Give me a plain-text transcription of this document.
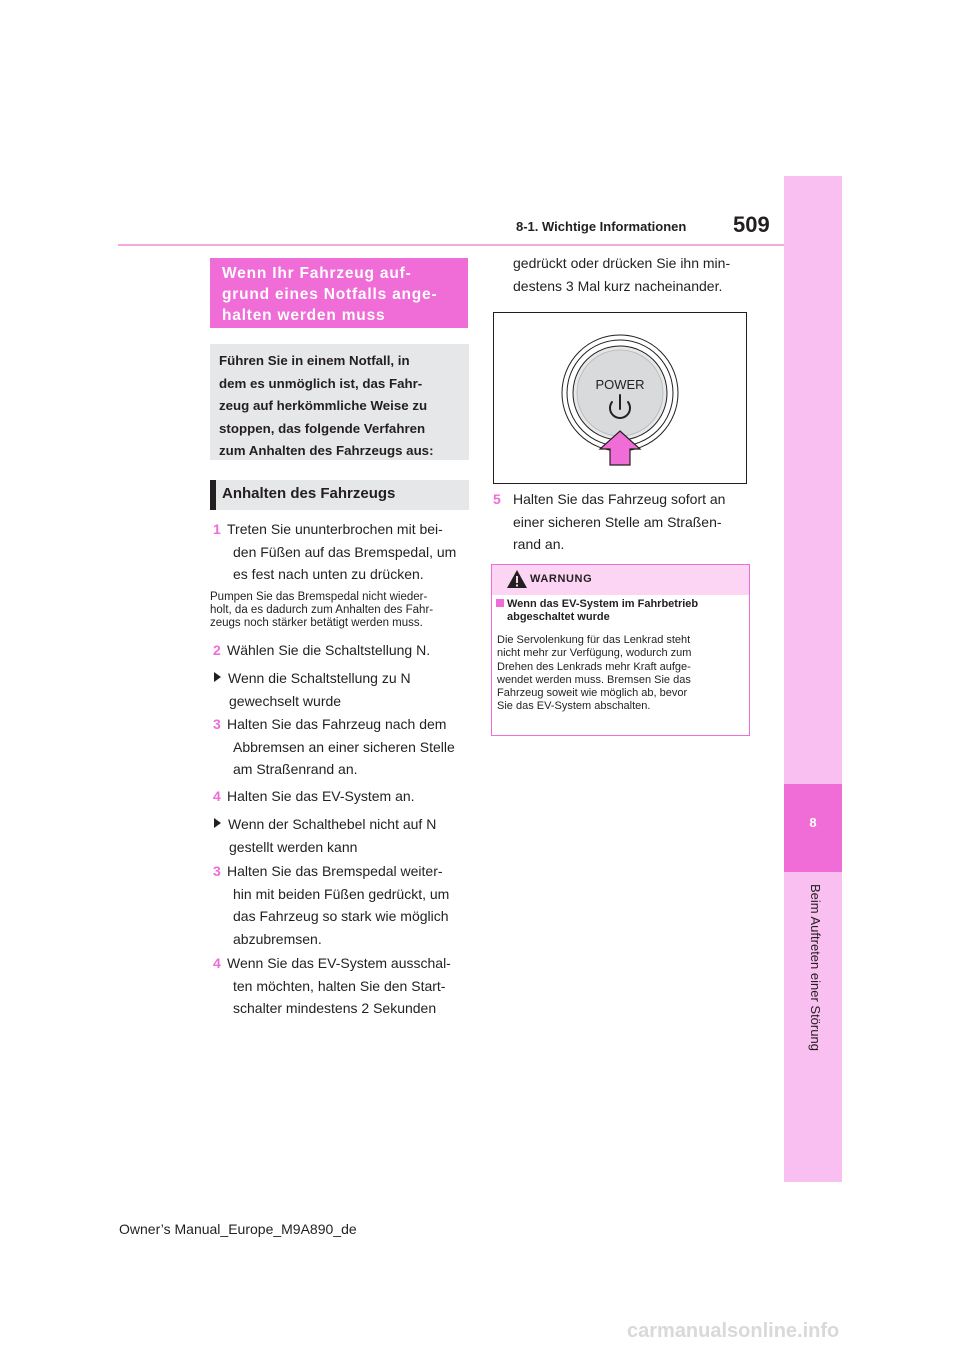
8-1. Wichtige Informationen 509
8
Beim Auftreten einer Störung
Wenn Ihr Fahrzeug auf-
grund eines Notfalls ange-
halten werden muss
Führen Sie in einem Notfall, in
dem es unmöglich ist, das Fahr-
zeug auf herkömmliche Weise zu
stoppen, das folgende Verfahren
zum Anhalten des Fahrzeugs aus:
Anhalten des Fahrzeugs
1 Treten Sie ununterbrochen mit bei-
den Füßen auf das Bremspedal, um
es fest nach unten zu drücken.
Pumpen Sie das Bremspedal nicht wieder-
holt, da es dadurch zum Anhalten des Fahr-
zeugs noch stärker betätigt werden muss.
2 Wählen Sie die Schaltstellung N.
Wenn die Schaltstellung zu N
gewechselt wurde
3 Halten Sie das Fahrzeug nach dem
Abbremsen an einer sicheren Stelle
am Straßenrand an.
4 Halten Sie das EV-System an.
Wenn der Schalthebel nicht auf N
gestellt werden kann
3 Halten Sie das Bremspedal weiter-
hin mit beiden Füßen gedrückt, um
das Fahrzeug so stark wie möglich
abzubremsen.
4 Wenn Sie das EV-System ausschal-
ten möchten, halten Sie den Start-
schalter mindestens 2 Sekunden
gedrückt oder drücken Sie ihn min-
destens 3 Mal kurz nacheinander.
POWER
5 Halten Sie das Fahrzeug sofort an
einer sicheren Stelle am Straßen-
rand an.
WARNUNG
Wenn das EV-System im Fahrbetrieb
abgeschaltet wurde
Die Servolenkung für das Lenkrad steht
nicht mehr zur Verfügung, wodurch zum
Drehen des Lenkrads mehr Kraft aufge-
wendet werden muss. Bremsen Sie das
Fahrzeug soweit wie möglich ab, bevor
Sie das EV-System abschalten.
Owner’s Manual_Europe_M9A890_de
carmanualsonline.info
